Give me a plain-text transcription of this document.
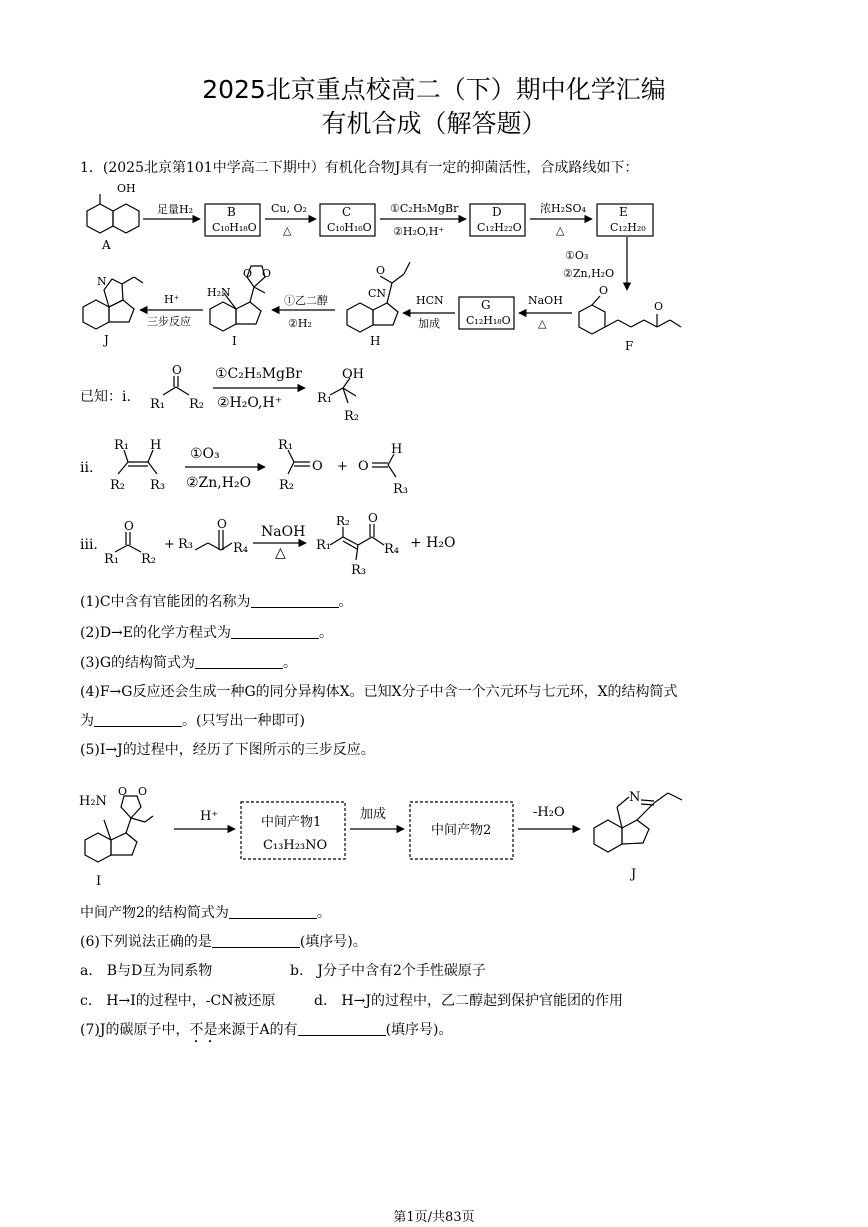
2025北京重点校高二（下）期中化学汇编
有机合成（解答题）
1．(2025北京第101中学高二下期中）有机化合物J具有一定的抑菌活性，合成路线如下：
OH
A
足量H₂	B
C₁₀H₁₈O
Cu, O₂
△
C
C₁₀H₁₆O
①C₂H₅MgBr
②H₂O,H⁺
D
C₁₂H₂₂O
浓H₂SO₄
△
E
C₁₂H₂₀
①O₃
②Zn,H₂O
O
O
F
NaOH
△
G
C₁₂H₁₈O
HCN
加成
O
CN
H
①乙二醇
②H₂
H₂N
O O
I
H⁺
三步反应
N
J
已知：i.
O
R₁ R₂
①C₂H₅MgBr
②H₂O,H⁺
OH
R₁
R₂
ii.
R₁ H
R₂ R₃
①O₃
②Zn,H₂O
R₁
O
R₂
+ O
H
R₃
iii.
O
R₁ R₂
+ R₃
O
R₄
NaOH
△ R₁
R₂ O
R₄
R₃
+ H₂O
H₂N
O O
I
H⁺	中间产物1
C₁₃H₂₃NO
加成
中间产物2
-H₂O
N
J
(1)C中含有官能团的名称为	。
(2)D→E的化学方程式为	。
(3)G的结构简式为	。
(4)F→G反应还会生成一种G的同分异构体X。已知X分子中含一个六元环与七元环，X的结构简式
为	。(只写出一种即可)
(5)I→J的过程中，经历了下图所示的三步反应。
中间产物2的结构简式为	。
(6)下列说法正确的是	(填序号)。
a.　B与D互为同系物	b.　J分子中含有2个手性碳原子
c.　H→I的过程中，-CN被还原	d.　H→J的过程中，乙二醇起到保护官能团的作用
(7)J的碳原子中，不是来源于A的有	(填序号)。
第1页/共83页
